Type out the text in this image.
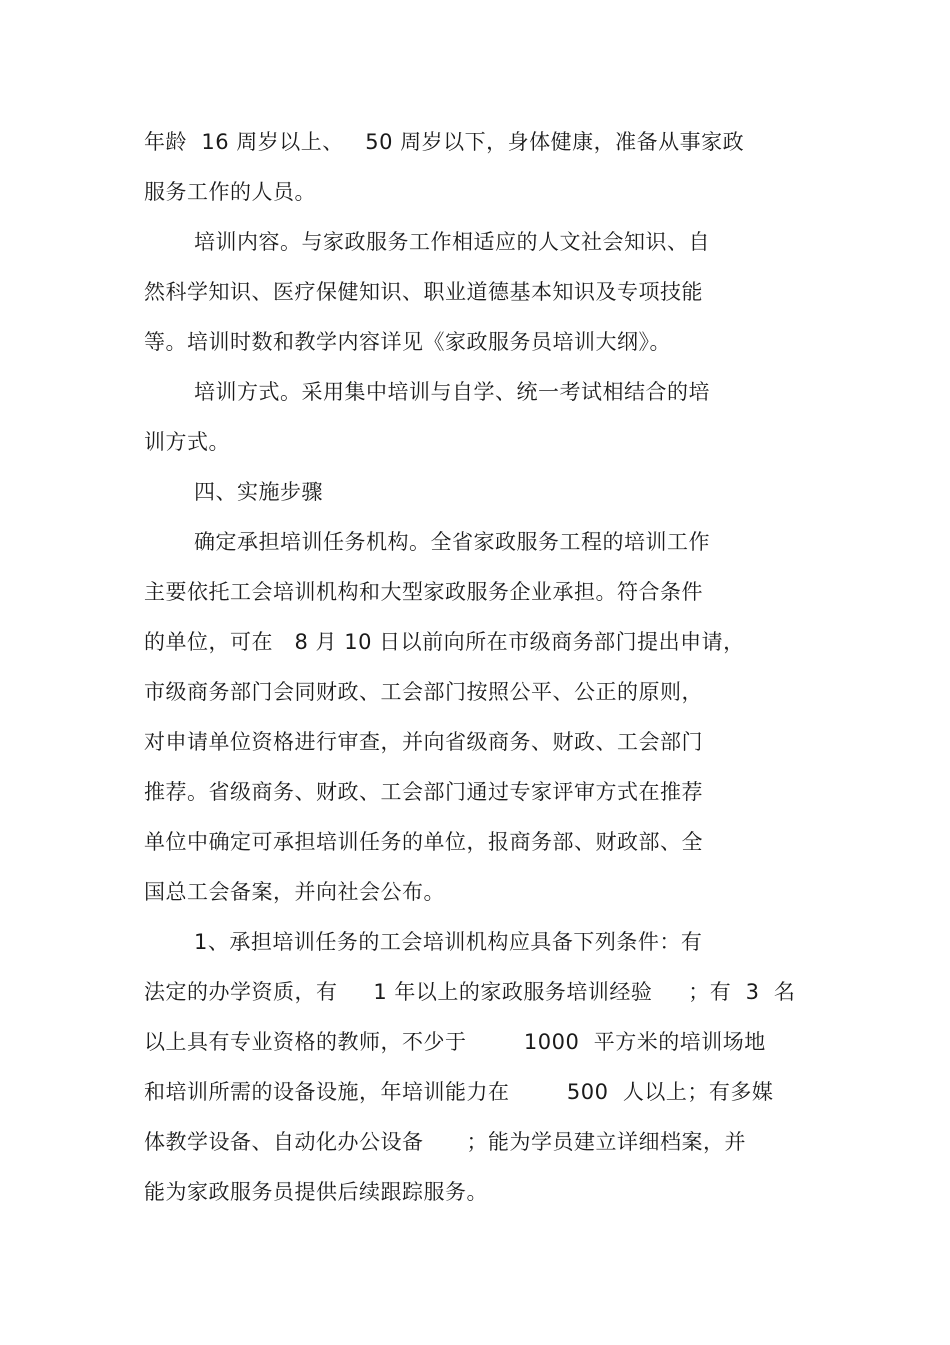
年龄  16 周岁以上、   50 周岁以下，身体健康，准备从事家政
服务工作的人员。
培训内容。与家政服务工作相适应的人文社会知识、自
然科学知识、医疗保健知识、职业道德基本知识及专项技能
等。培训时数和教学内容详见《家政服务员培训大纲》。
培训方式。采用集中培训与自学、统一考试相结合的培
训方式。
四、实施步骤
确定承担培训任务机构。全省家政服务工程的培训工作
主要依托工会培训机构和大型家政服务企业承担。符合条件
的单位，可在   8 月 10 日以前向所在市级商务部门提出申请，
市级商务部门会同财政、工会部门按照公平、公正的原则，
对申请单位资格进行审查，并向省级商务、财政、工会部门
推荐。省级商务、财政、工会部门通过专家评审方式在推荐
单位中确定可承担培训任务的单位，报商务部、财政部、全
国总工会备案，并向社会公布。
1、承担培训任务的工会培训机构应具备下列条件：有
法定的办学资质，有     1 年以上的家政服务培训经验     ；有  3  名
以上具有专业资格的教师，不少于        1000  平方米的培训场地
和培训所需的设备设施，年培训能力在        500  人以上；有多媒
体教学设备、自动化办公设备      ；能为学员建立详细档案，并
能为家政服务员提供后续跟踪服务。
